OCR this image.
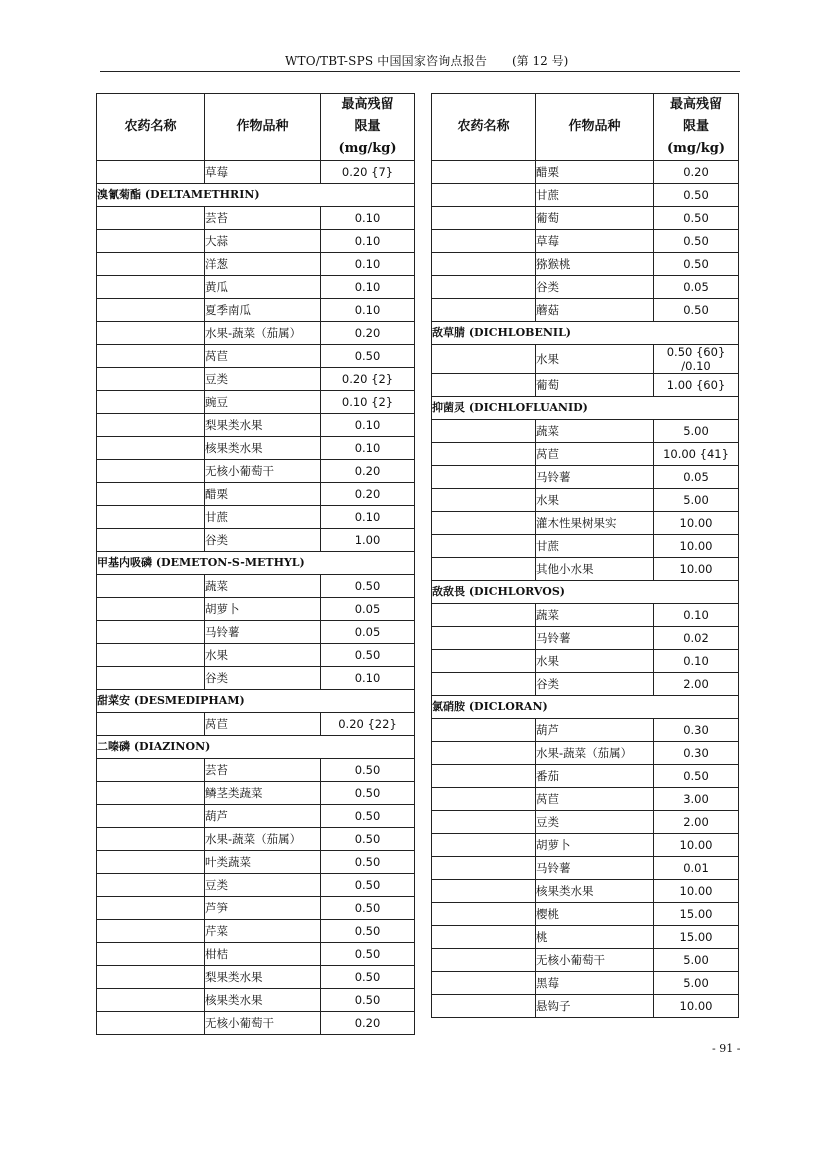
WTO/TBT-SPS 中国国家咨询点报告 (第 12 号)
农药名称	作物品种	最高残留
限量
(mg/kg)

	草莓	0.20 {7}
溴氰菊酯 (DELTAMETHRIN)		
	芸苔	0.10
	大蒜	0.10
	洋葱	0.10
	黄瓜	0.10
	夏季南瓜	0.10
	水果-蔬菜（茄属）	0.20
	莴苣	0.50
	豆类	0.20 {2}
	豌豆	0.10 {2}
	梨果类水果	0.10
	核果类水果	0.10
	无核小葡萄干	0.20
	醋栗	0.20
	甘蔗	0.10
	谷类	1.00
甲基内吸磷 (DEMETON-S-METHYL)		
	蔬菜	0.50
	胡萝卜	0.05
	马铃薯	0.05
	水果	0.50
	谷类	0.10
甜菜安 (DESMEDIPHAM)		
	莴苣	0.20 {22}
二嗪磷 (DIAZINON)		
	芸苔	0.50
	鳞茎类蔬菜	0.50
	葫芦	0.50
	水果-蔬菜（茄属）	0.50
	叶类蔬菜	0.50
	豆类	0.50
	芦笋	0.50
	芹菜	0.50
	柑桔	0.50
	梨果类水果	0.50
	核果类水果	0.50
	无核小葡萄干	0.20
农药名称	作物品种	最高残留
限量
(mg/kg)

	醋栗	0.20
	甘蔗	0.50
	葡萄	0.50
	草莓	0.50
	猕猴桃	0.50
	谷类	0.05
	蘑菇	0.50
敌草腈 (DICHLOBENIL)		
	水果	0.50 {60}
/0.10

	葡萄	1.00 {60}
抑菌灵 (DICHLOFLUANID)		
	蔬菜	5.00
	莴苣	10.00 {41}
	马铃薯	0.05
	水果	5.00
	灌木性果树果实	10.00
	甘蔗	10.00
	其他小水果	10.00
敌敌畏 (DICHLORVOS)		
	蔬菜	0.10
	马铃薯	0.02
	水果	0.10
	谷类	2.00
氯硝胺 (DICLORAN)		
	葫芦	0.30
	水果-蔬菜（茄属）	0.30
	番茄	0.50
	莴苣	3.00
	豆类	2.00
	胡萝卜	10.00
	马铃薯	0.01
	核果类水果	10.00
	樱桃	15.00
	桃	15.00
	无核小葡萄干	5.00
	黑莓	5.00
	悬钩子	10.00
- 91 -
